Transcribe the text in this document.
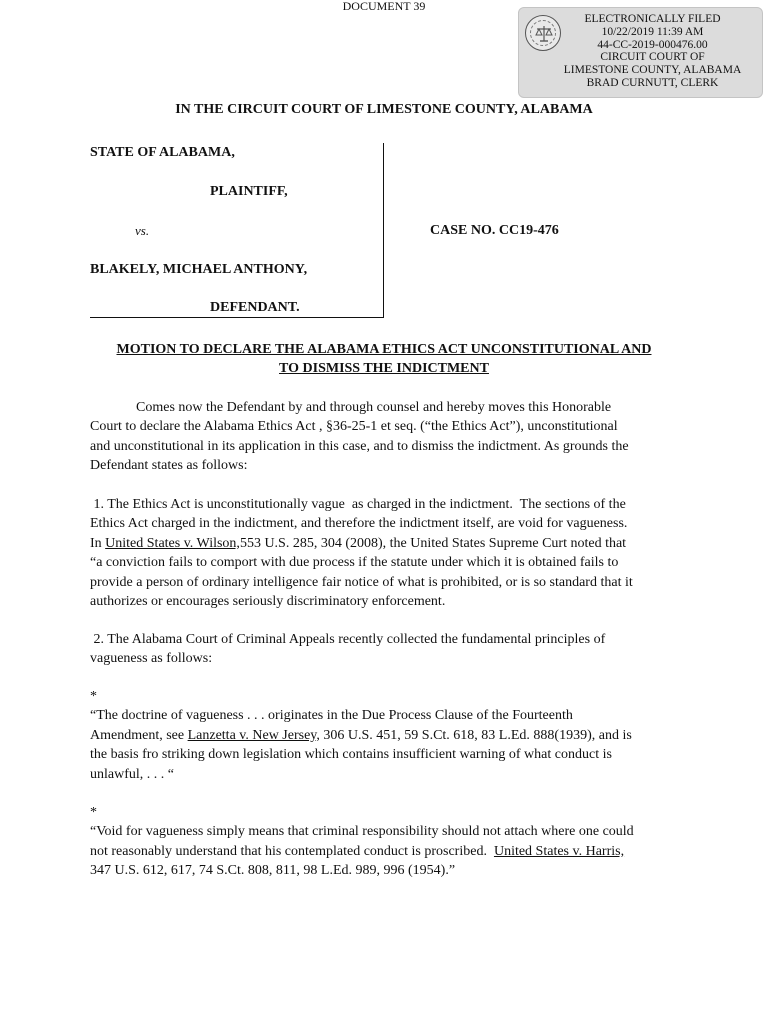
DOCUMENT 39
ELECTRONICALLY FILED
10/22/2019 11:39 AM
44-CC-2019-000476.00
CIRCUIT COURT OF
LIMESTONE COUNTY, ALABAMA
BRAD CURNUTT, CLERK
IN THE CIRCUIT COURT OF LIMESTONE COUNTY, ALABAMA
STATE OF ALABAMA,
PLAINTIFF,
vs.
BLAKELY, MICHAEL ANTHONY,
DEFENDANT.
CASE NO. CC19-476
MOTION TO DECLARE THE ALABAMA ETHICS ACT UNCONSTITUTIONAL AND
TO DISMISS THE INDICTMENT
Comes now the Defendant by and through counsel and hereby moves this Honorable
Court to declare the Alabama Ethics Act , §36-25-1 et seq. (“the Ethics Act”), unconstitutional
and unconstitutional in its application in this case, and to dismiss the indictment. As grounds the
Defendant states as follows:
1. The Ethics Act is unconstitutionally vague  as charged in the indictment.  The sections of the
Ethics Act charged in the indictment, and therefore the indictment itself, are void for vagueness.
In United States v. Wilson,553 U.S. 285, 304 (2008), the United States Supreme Curt noted that
“a conviction fails to comport with due process if the statute under which it is obtained fails to
provide a person of ordinary intelligence fair notice of what is prohibited, or is so standard that it
authorizes or encourages seriously discriminatory enforcement.
2. The Alabama Court of Criminal Appeals recently collected the fundamental principles of
vagueness as follows:
*
“The doctrine of vagueness . . . originates in the Due Process Clause of the Fourteenth
Amendment, see Lanzetta v. New Jersey, 306 U.S. 451, 59 S.Ct. 618, 83 L.Ed. 888(1939), and is
the basis fro striking down legislation which contains insufficient warning of what conduct is
unlawful, . . . “
*
“Void for vagueness simply means that criminal responsibility should not attach where one could
not reasonably understand that his contemplated conduct is proscribed.  United States v. Harris,
347 U.S. 612, 617, 74 S.Ct. 808, 811, 98 L.Ed. 989, 996 (1954).”
